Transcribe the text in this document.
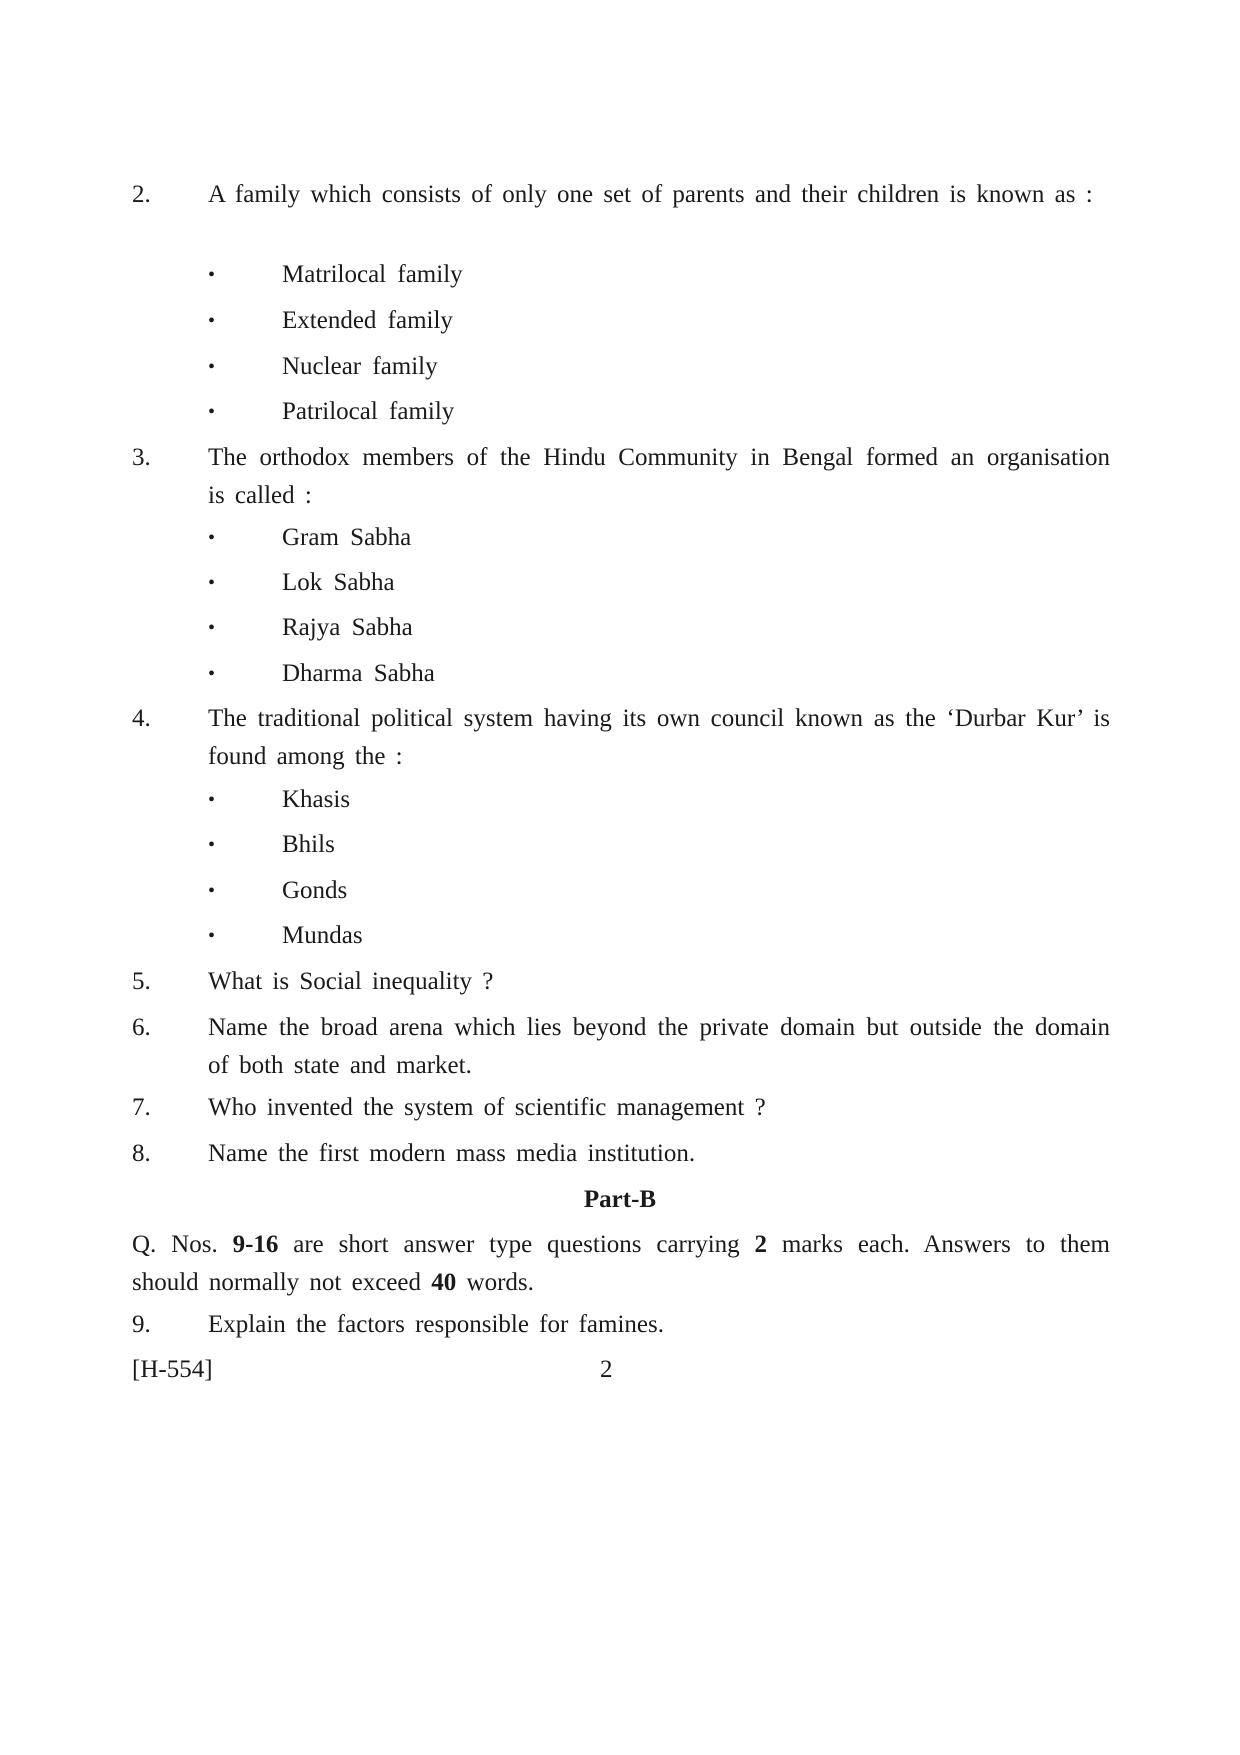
2. A family which consists of only one set of parents and their children is known as :
•	Matrilocal family
•	Extended family
•	Nuclear family
•	Patrilocal family
3. The orthodox members of the Hindu Community in Bengal formed an organisation is called :
•	Gram Sabha
•	Lok Sabha
•	Rajya Sabha
•	Dharma Sabha
4. The traditional political system having its own council known as the ‘Durbar Kur’ is found among the :
•	Khasis
•	Bhils
•	Gonds
•	Mundas
5. What is Social inequality ?
6. Name the broad arena which lies beyond the private domain but outside the domain of both state and market.
7. Who invented the system of scientific management ?
8. Name the first modern mass media institution.
Part-B
Q. Nos. 9-16 are short answer type questions carrying 2 marks each. Answers to them should normally not exceed 40 words.
9. Explain the factors responsible for famines.
[H-554]	2
